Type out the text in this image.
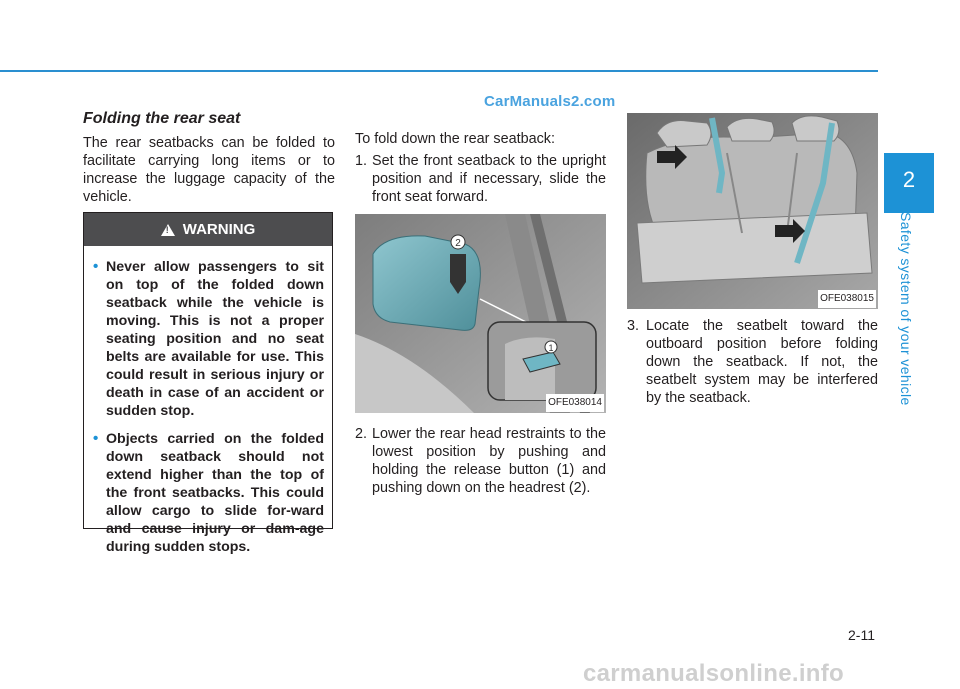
CarManuals2.com
2
Safety system of your vehicle
Folding the rear seat

The rear seatbacks can be folded to facilitate carrying long items or to increase the luggage capacity of the vehicle.

!
WARNING
• Never allow passengers to sit on top of the folded down seatback while the vehicle is moving. This is not a proper seating position and no seat belts are available for use. This could result in serious injury or death in case of an accident or sudden stop.
• Objects carried on the folded down seatback should not extend higher than the top of the front seatbacks. This could allow cargo to slide for-ward and cause injury or dam-age during sudden stops.
To fold down the rear seatback:
1. Set the front seatback to the upright position and if necessary, slide the front seat forward.
2
1
OFE038014
2. Lower the rear head restraints to the lowest position by pushing and holding the release button (1) and pushing down on the headrest (2).
OFE038015
3. Locate the seatbelt toward the outboard position before folding down the seatback. If not, the seatbelt system may be interfered by the seatback.
2-11
carmanualsonline.info
